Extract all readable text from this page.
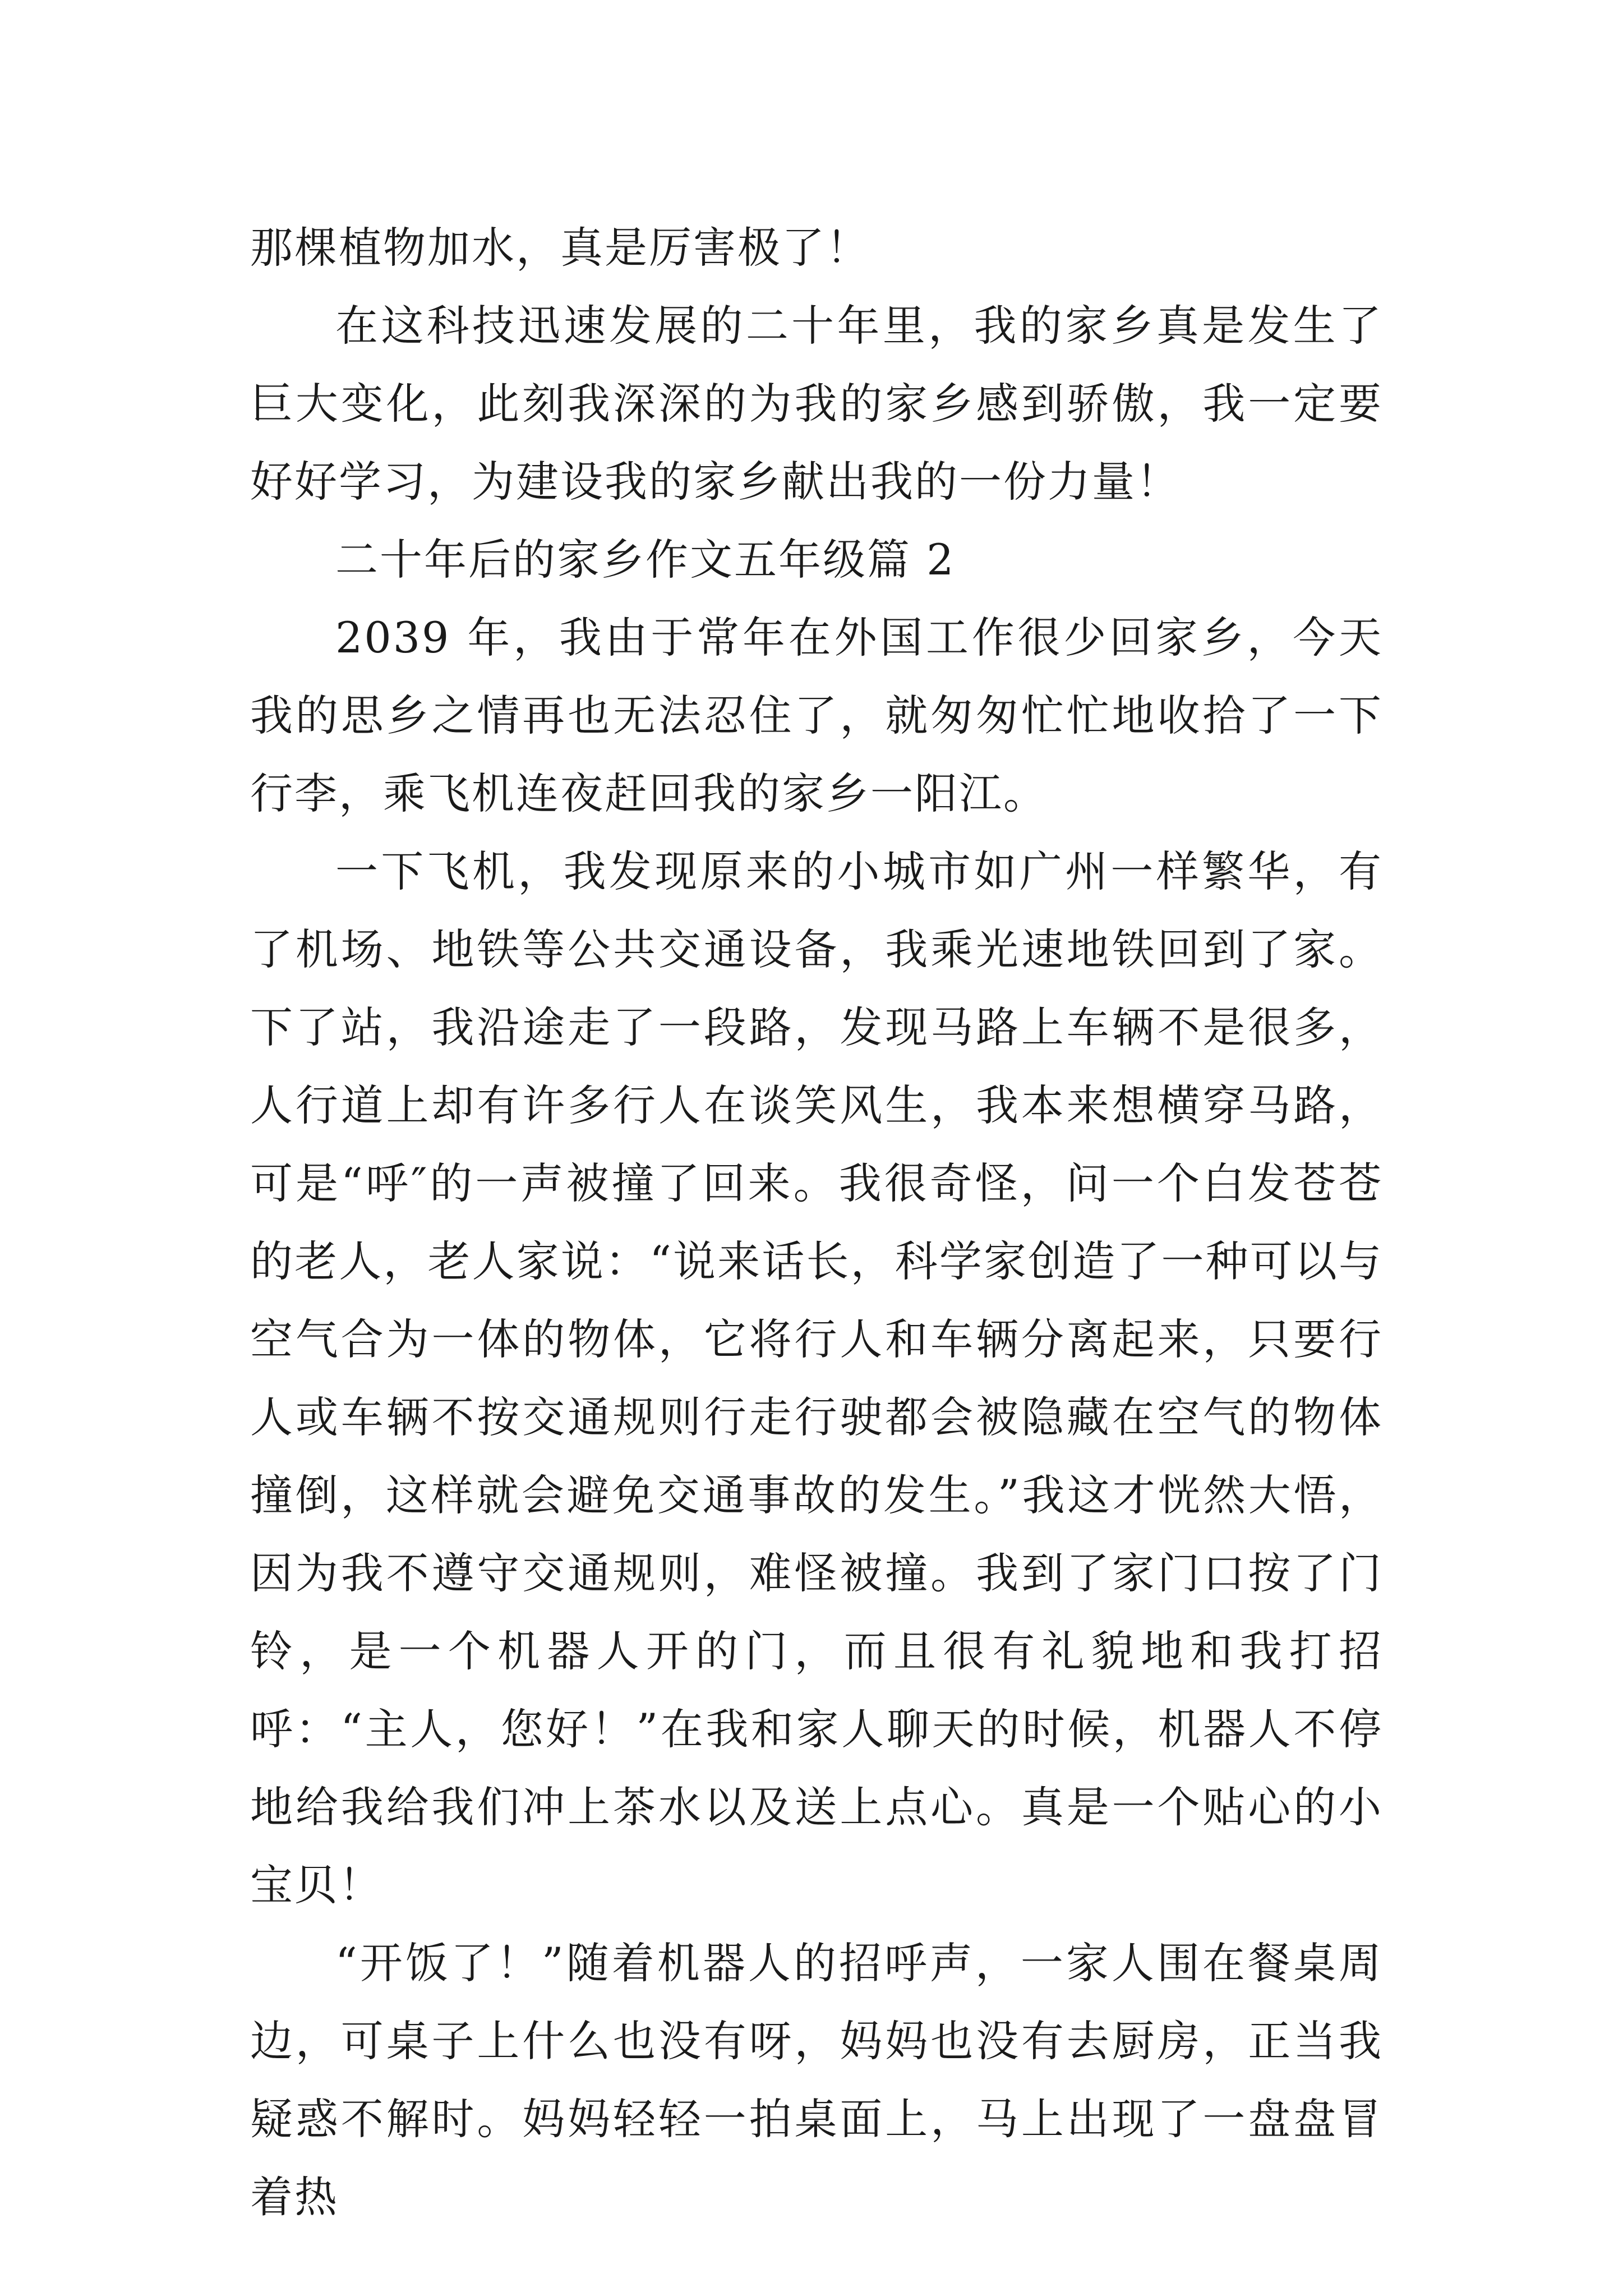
那棵植物加水，真是厉害极了！

在这科技迅速发展的二十年里，我的家乡真是发生了巨大变化，此刻我深深的为我的家乡感到骄傲，我一定要好好学习，为建设我的家乡献出我的一份力量！

二十年后的家乡作文五年级篇 2

2039 年，我由于常年在外国工作很少回家乡，今天我的思乡之情再也无法忍住了，就匆匆忙忙地收拾了一下行李，乘飞机连夜赶回我的家乡一阳江。

一下飞机，我发现原来的小城市如广州一样繁华，有了机场、地铁等公共交通设备，我乘光速地铁回到了家。下了站，我沿途走了一段路，发现马路上车辆不是很多，人行道上却有许多行人在谈笑风生，我本来想横穿马路，可是“呼″的一声被撞了回来。我很奇怪，问一个白发苍苍的老人，老人家说：“说来话长，科学家创造了一种可以与空气合为一体的物体，它将行人和车辆分离起来，只要行人或车辆不按交通规则行走行驶都会被隐藏在空气的物体撞倒，这样就会避免交通事故的发生。”我这才恍然大悟，因为我不遵守交通规则，难怪被撞。我到了家门口按了门铃，是一个机器人开的门，而且很有礼貌地和我打招呼：“主人，您好！”在我和家人聊天的时候，机器人不停地给我给我们冲上茶水以及送上点心。真是一个贴心的小宝贝！

“开饭了！”随着机器人的招呼声，一家人围在餐桌周边，可桌子上什么也没有呀，妈妈也没有去厨房，正当我疑惑不解时。妈妈轻轻一拍桌面上，马上出现了一盘盘冒着热
